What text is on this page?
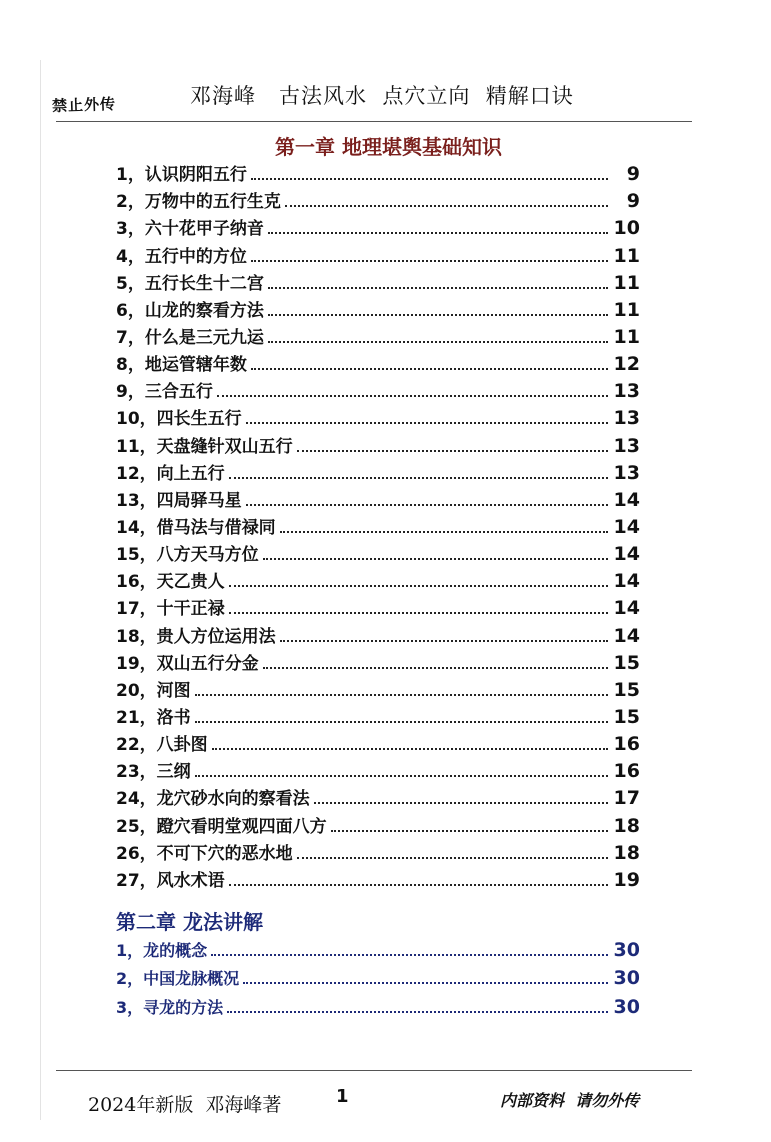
禁止外传	邓海峰   古法风水  点穴立向  精解口诀
第一章 地理堪舆基础知识
1，认识阴阳五行	9
2，万物中的五行生克	9
3，六十花甲子纳音	10
4，五行中的方位	11
5，五行长生十二宫	11
6，山龙的察看方法	11
7，什么是三元九运	11
8，地运管辖年数	12
9，三合五行	13
10，四长生五行	13
11，天盘缝针双山五行	13
12，向上五行	13
13，四局驿马星	14
14，借马法与借禄同	14
15，八方天马方位	14
16，天乙贵人	14
17，十干正禄	14
18，贵人方位运用法	14
19，双山五行分金	15
20，河图	15
21，洛书	15
22，八卦图	16
23，三纲	16
24，龙穴砂水向的察看法	17
25，蹬穴看明堂观四面八方	18
26，不可下穴的恶水地	18
27，风水术语	19
第二章 龙法讲解
1，龙的概念	30
2，中国龙脉概况	30
3，寻龙的方法	30
2024年新版  邓海峰著	1	内部资料  请勿外传
